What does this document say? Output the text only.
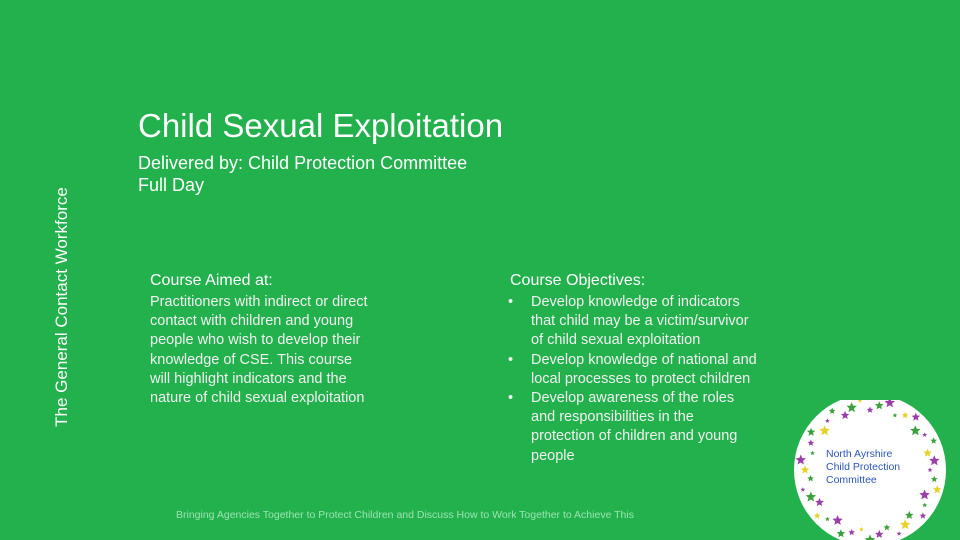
The General Contact Workforce
Child Sexual Exploitation
Delivered by: Child Protection Committee
Full Day
Course Aimed at:
Practitioners with indirect or direct
contact with children and young
people who wish to develop their
knowledge of CSE. This course
will highlight indicators and the
nature of child sexual exploitation
Course Objectives:
• Develop knowledge of indicators
that child may be a victim/survivor
of child sexual exploitation
• Develop knowledge of national and
local processes to protect children
• Develop awareness of the roles
and responsibilities in the
protection of children and young
people
Bringing Agencies Together to Protect Children and Discuss How to Work Together to Achieve This
North Ayrshire
Child Protection
Committee
